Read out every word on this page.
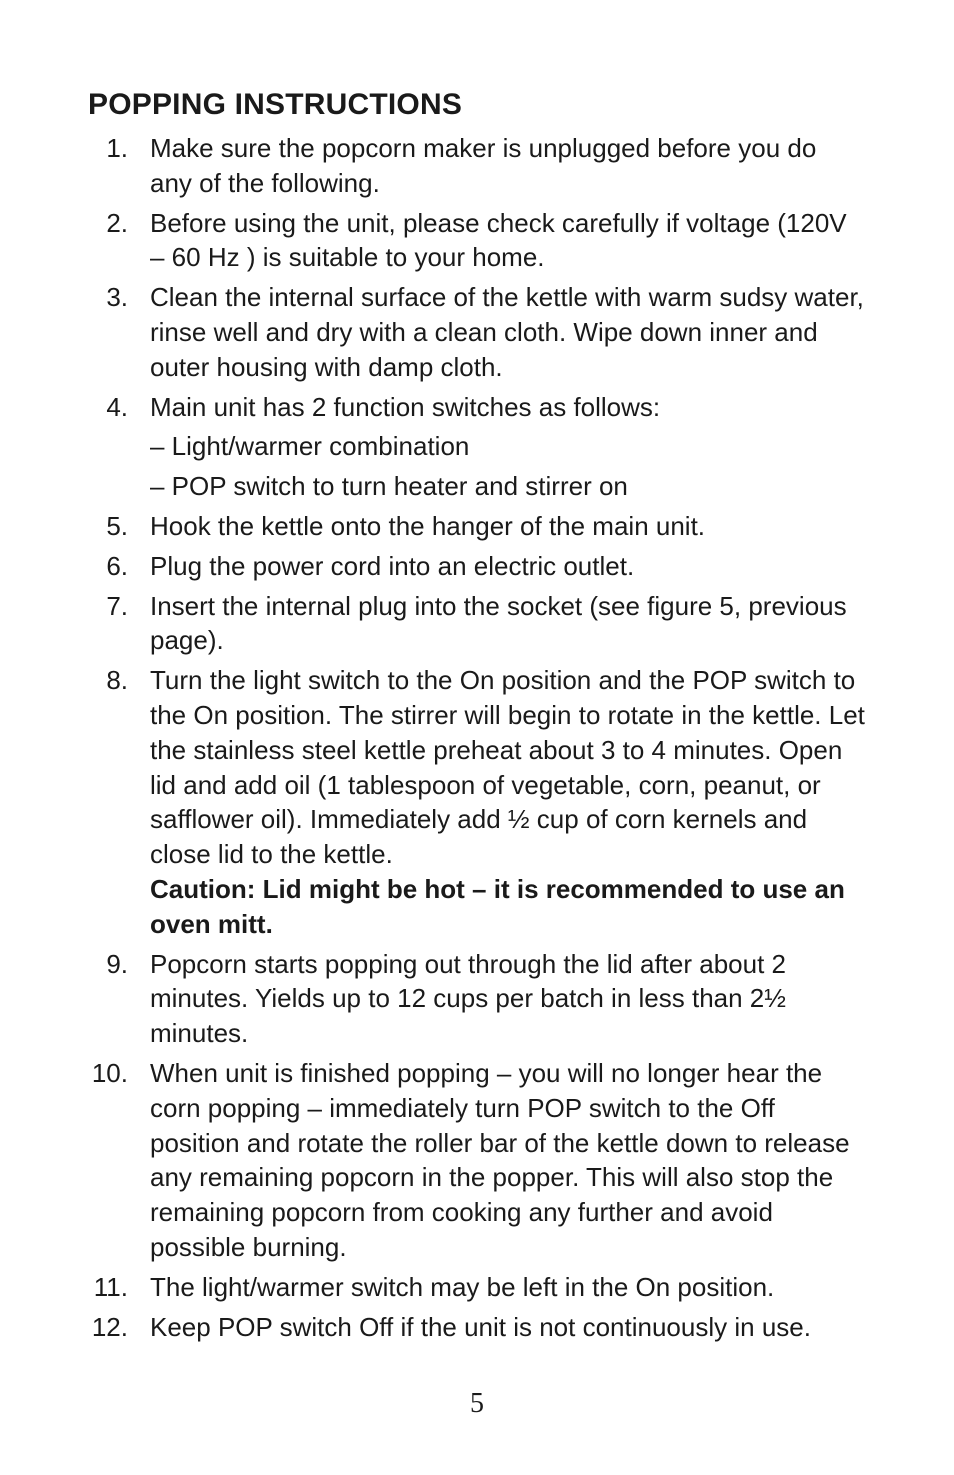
POPPING INSTRUCTIONS
1. Make sure the popcorn maker is unplugged before you do any of the following.
2. Before using the unit, please check carefully if voltage (120V – 60 Hz ) is suitable to your home.
3. Clean the internal surface of the kettle with warm sudsy water, rinse well and dry with a clean cloth. Wipe down inner and outer housing with damp cloth.
4. Main unit has 2 function switches as follows:
– Light/warmer combination
– POP switch to turn heater and stirrer on
5. Hook the kettle onto the hanger of the main unit.
6. Plug the power cord into an electric outlet.
7. Insert the internal plug into the socket (see figure 5, previous page).
8. Turn the light switch to the On position and the POP switch to the On position. The stirrer will begin to rotate in the kettle. Let the stainless steel kettle preheat about 3 to 4 minutes. Open lid and add oil (1 tablespoon of vegetable, corn, peanut, or safflower oil). Immediately add ½ cup of corn kernels and close lid to the kettle.
Caution: Lid might be hot – it is recommended to use an oven mitt.
9. Popcorn starts popping out through the lid after about 2 minutes. Yields up to 12 cups per batch in less than 2½ minutes.
10. When unit is finished popping – you will no longer hear the corn popping – immediately turn POP switch to the Off position and rotate the roller bar of the kettle down to release any remaining popcorn in the popper. This will also stop the remaining popcorn from cooking any further and avoid possible burning.
11. The light/warmer switch may be left in the On position.
12. Keep POP switch Off if the unit is not continuously in use.
5
